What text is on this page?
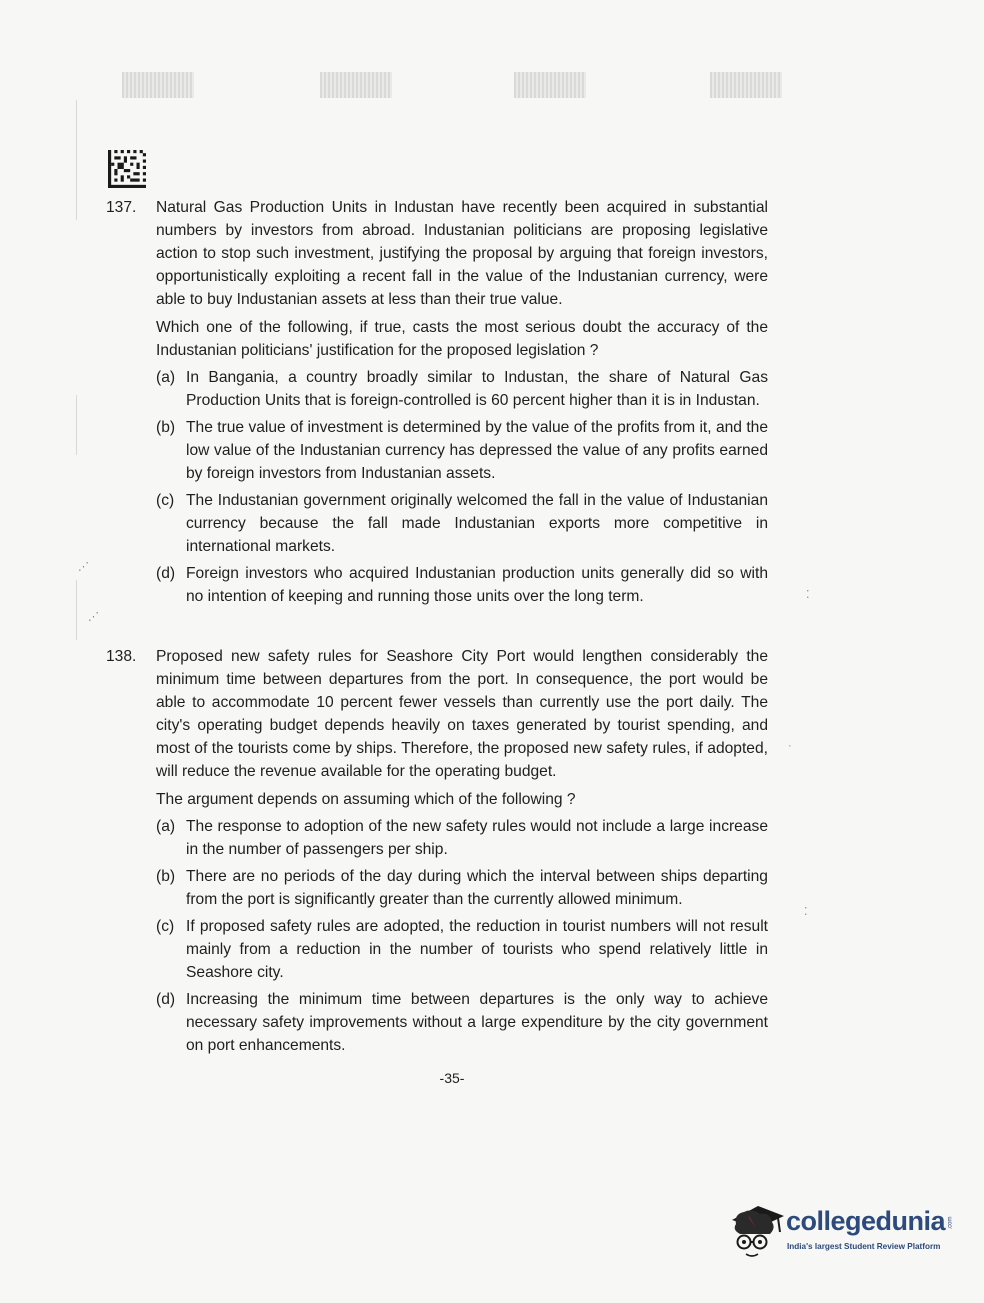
⋰
⋰
⁚
·
⁚
137. Natural Gas Production Units in Industan have recently been acquired in substantial numbers by investors from abroad. Industanian politicians are proposing legislative action to stop such investment, justifying the proposal by arguing that foreign investors, opportunistically exploiting a recent fall in the value of the Industanian currency, were able to buy Industanian assets at less than their true value.

Which one of the following, if true, casts the most serious doubt the accuracy of the Industanian politicians' justification for the proposed legislation ?

(a) In Bangania, a country broadly similar to Industan, the share of Natural Gas Production Units that is foreign-controlled is 60 percent higher than it is in Industan.
(b) The true value of investment is determined by the value of the profits from it, and the low value of the Industanian currency has depressed the value of any profits earned by foreign investors from Industanian assets.
(c) The Industanian government originally welcomed the fall in the value of Industanian currency because the fall made Industanian exports more competitive in international markets.
(d) Foreign investors who acquired Industanian production units generally did so with no intention of keeping and running those units over the long term.
138. Proposed new safety rules for Seashore City Port would lengthen considerably the minimum time between departures from the port. In consequence, the port would be able to accommodate 10 percent fewer vessels than currently use the port daily. The city's operating budget depends heavily on taxes generated by tourist spending, and most of the tourists come by ships. Therefore, the proposed new safety rules, if adopted, will reduce the revenue available for the operating budget.

The argument depends on assuming which of the following ?

(a) The response to adoption of the new safety rules would not include a large increase in the number of passengers per ship.
(b) There are no periods of the day during which the interval between ships departing from the port is significantly greater than the currently allowed minimum.
(c) If proposed safety rules are adopted, the reduction in tourist numbers will not result mainly from a reduction in the number of tourists who spend relatively little in Seashore city.
(d) Increasing the minimum time between departures is the only way to achieve necessary safety improvements without a large expenditure by the city government on port enhancements.
-35-
collegedunia .com
India's largest Student Review Platform
